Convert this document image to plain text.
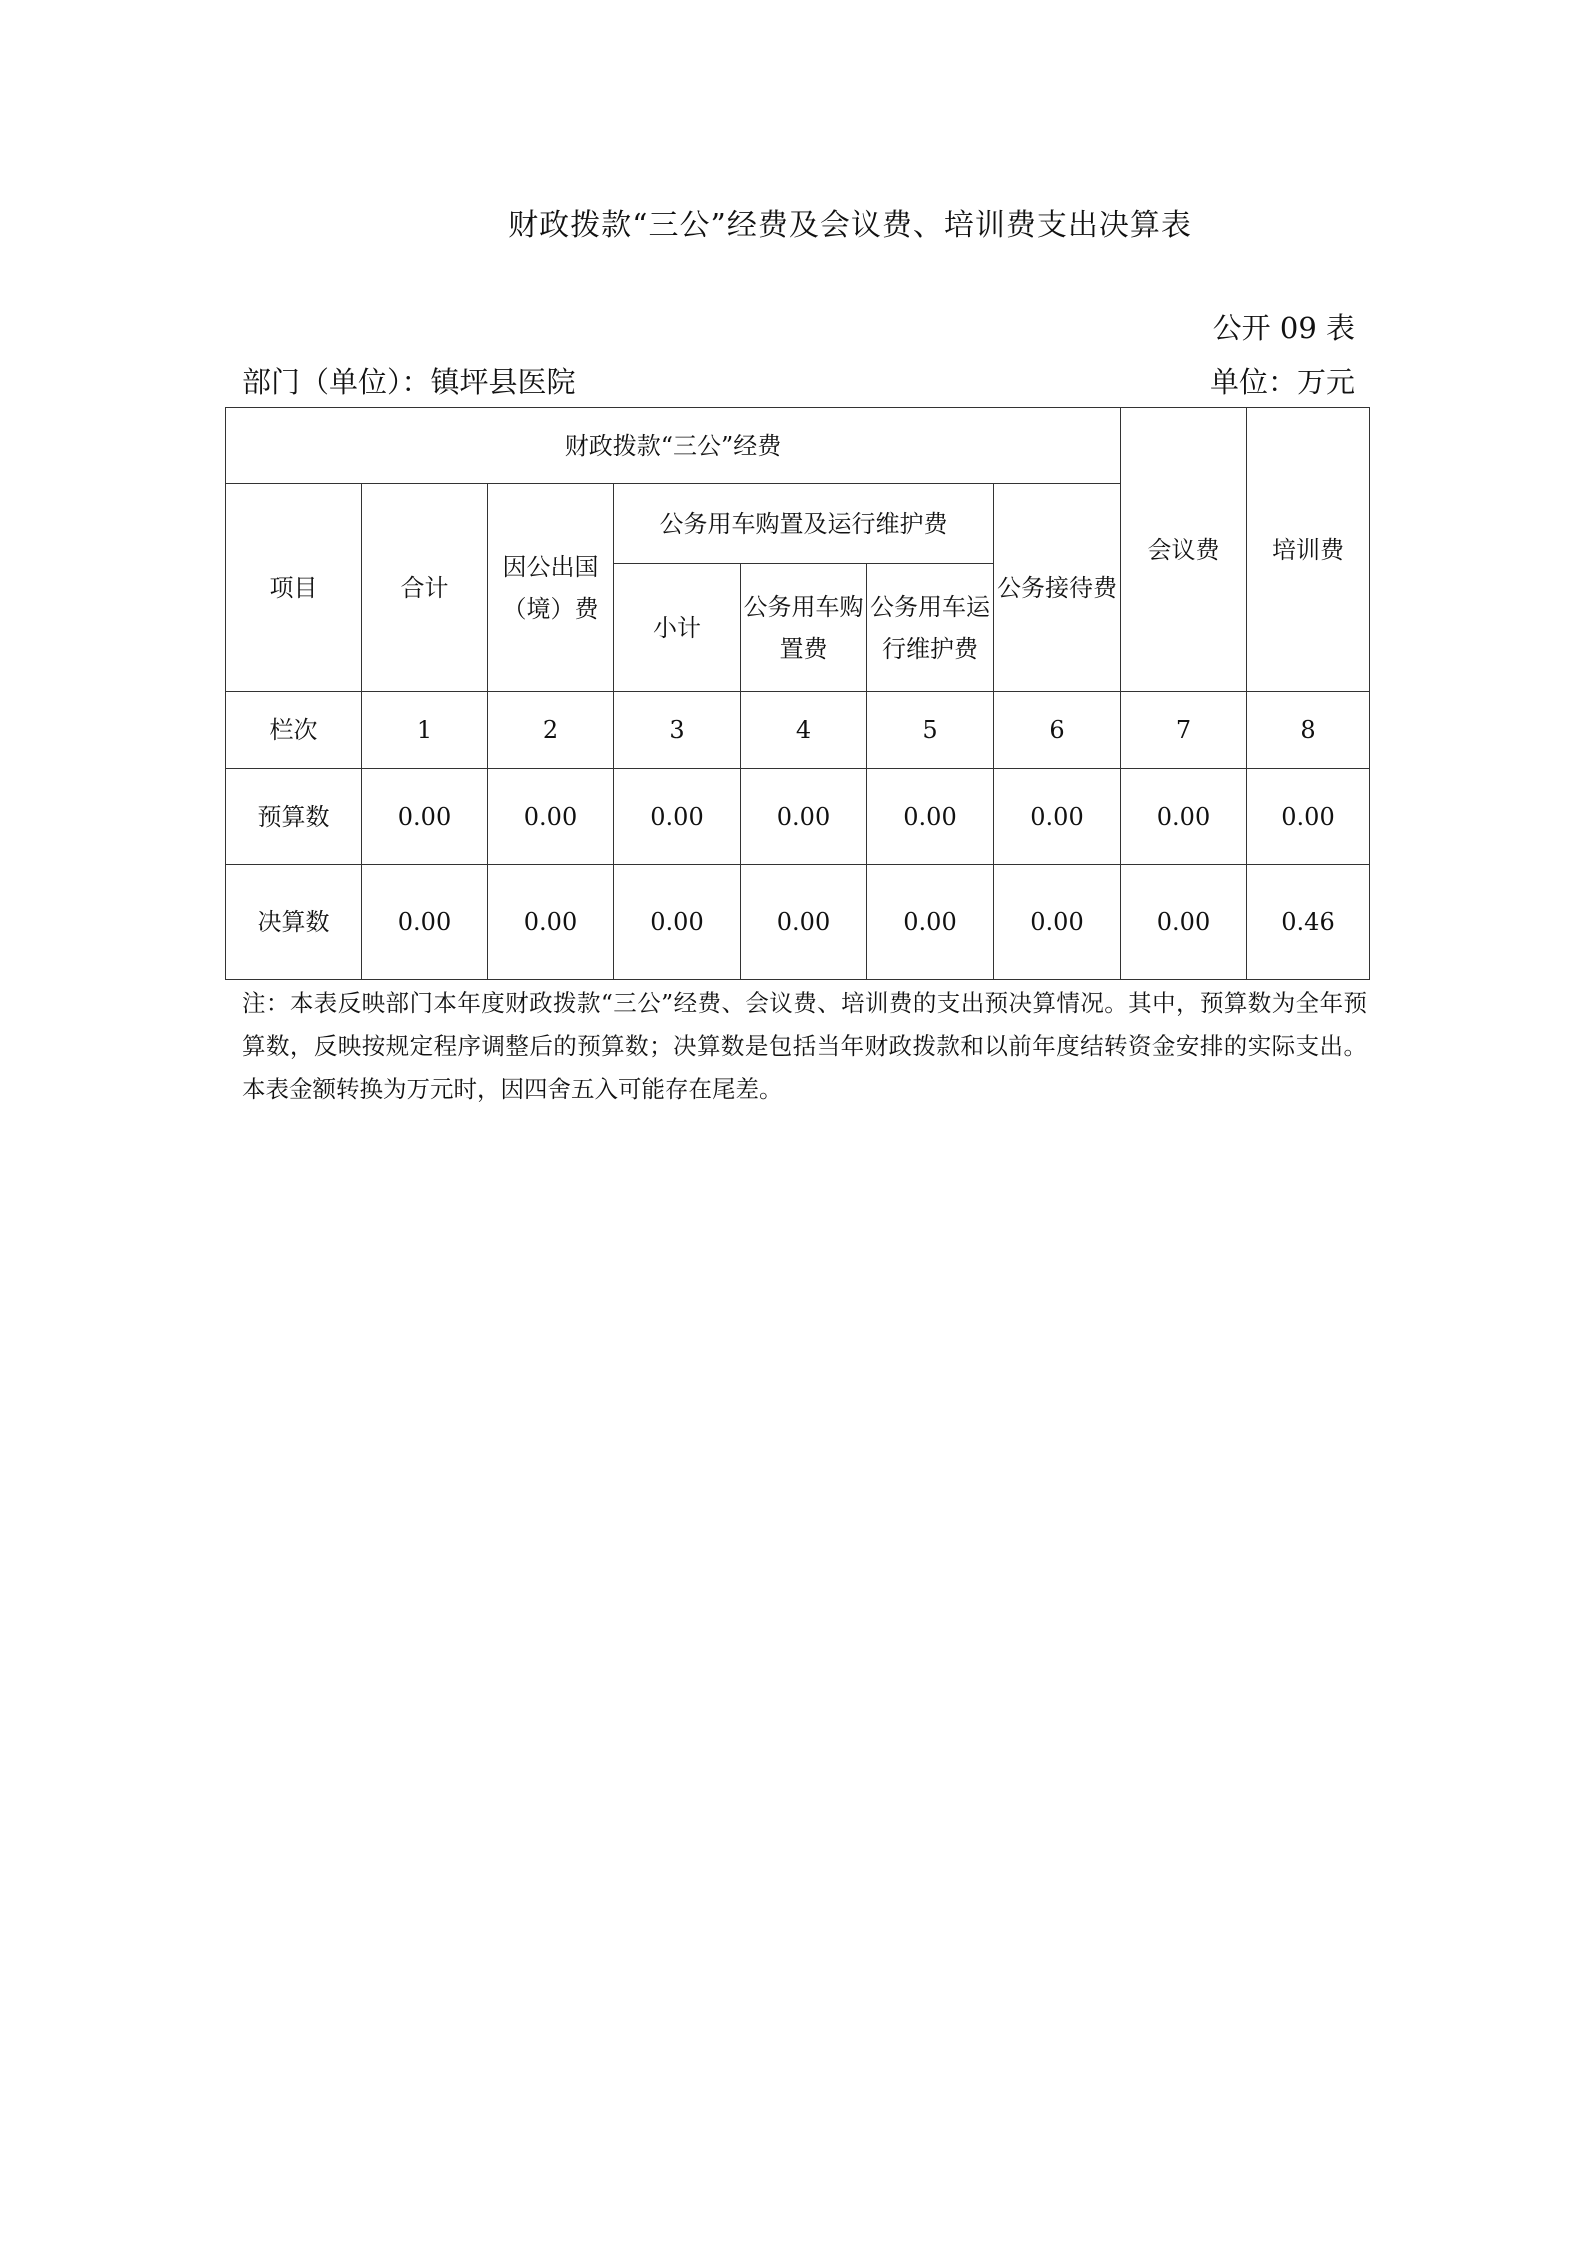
财政拨款“三公”经费及会议费、培训费支出决算表
公开 09 表
部门（单位）：镇坪县医院	单位：万元
财政拨款“三公”经费							会议费	培训费
项目	合计	因公出国（境）费	公务用车购置及运行维护费			公务接待费		
			小计	公务用车购置费	公务用车运行维护费			
栏次	1	2	3	4	5	6	7	8
预算数	0.00	0.00	0.00	0.00	0.00	0.00	0.00	0.00
决算数	0.00	0.00	0.00	0.00	0.00	0.00	0.00	0.46
注：本表反映部门本年度财政拨款“三公”经费、会议费、培训费的支出预决算情况。其中，预算数为全年预算数，反映按规定程序调整后的预算数；决算数是包括当年财政拨款和以前年度结转资金安排的实际支出。本表金额转换为万元时，因四舍五入可能存在尾差。
